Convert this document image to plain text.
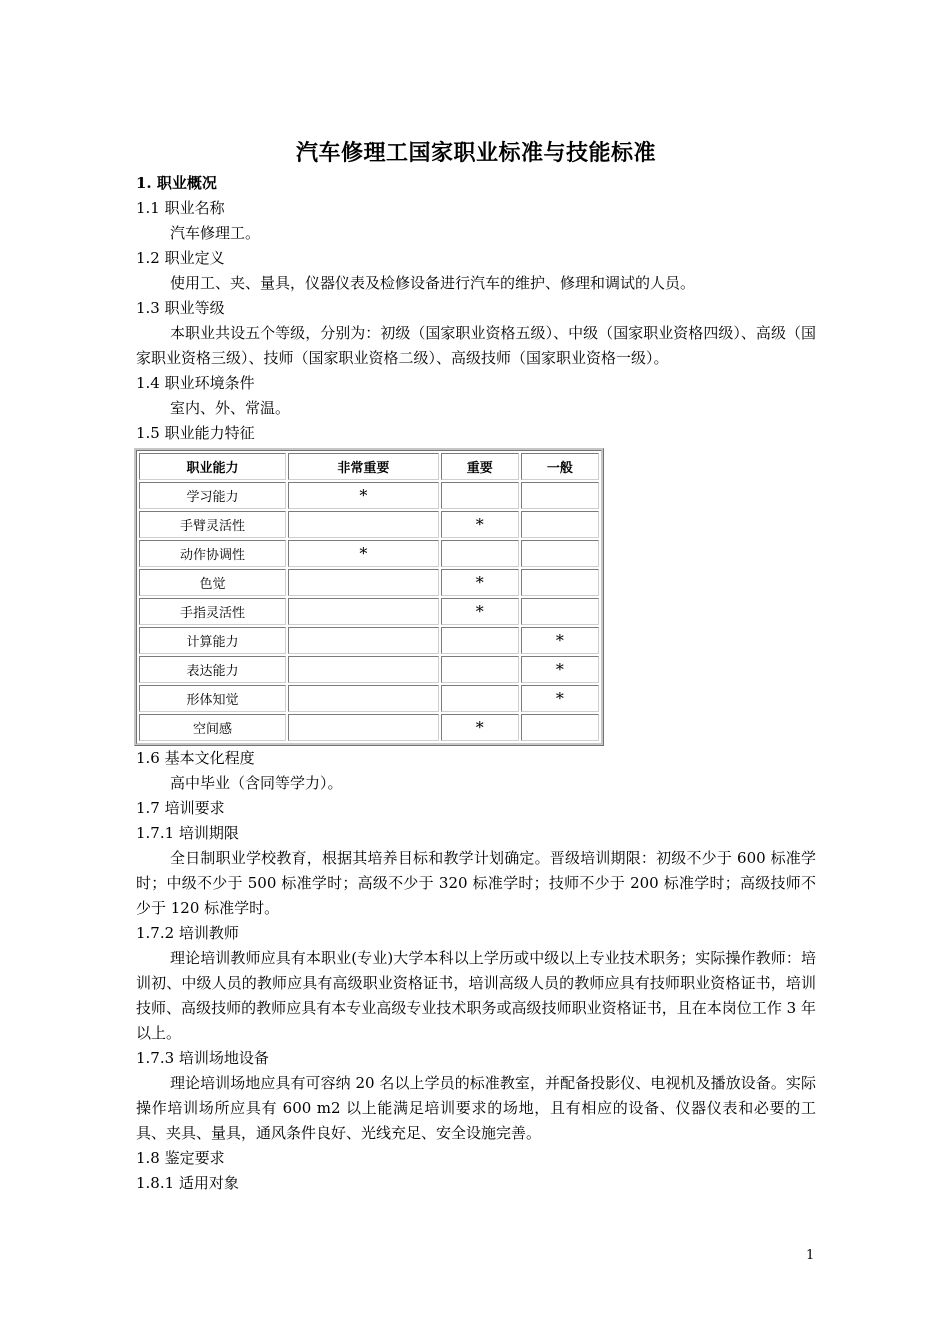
汽车修理工国家职业标准与技能标准
1. 职业概况
1.1 职业名称
汽车修理工。
1.2 职业定义
使用工、夹、量具，仪器仪表及检修设备进行汽车的维护、修理和调试的人员。
1.3 职业等级
本职业共设五个等级，分别为：初级（国家职业资格五级）、中级（国家职业资格四级）、高级（国家职业资格三级）、技师（国家职业资格二级）、高级技师（国家职业资格一级）。
1.4 职业环境条件
室内、外、常温。
1.5 职业能力特征
职业能力	非常重要	重要	一般
学习能力	*		
手臂灵活性		*	
动作协调性	*		
色觉		*	
手指灵活性		*	
计算能力			*
表达能力			*
形体知觉			*
空间感		*	
1.6 基本文化程度
高中毕业（含同等学力）。
1.7 培训要求
1.7.1 培训期限
全日制职业学校教育，根据其培养目标和教学计划确定。晋级培训期限：初级不少于 600 标准学时；中级不少于 500 标准学时；高级不少于 320 标准学时；技师不少于 200 标准学时；高级技师不少于 120 标准学时。
1.7.2 培训教师
理论培训教师应具有本职业(专业)大学本科以上学历或中级以上专业技术职务；实际操作教师：培训初、中级人员的教师应具有高级职业资格证书，培训高级人员的教师应具有技师职业资格证书，培训技师、高级技师的教师应具有本专业高级专业技术职务或高级技师职业资格证书，且在本岗位工作 3 年以上。
1.7.3 培训场地设备
理论培训场地应具有可容纳 20 名以上学员的标准教室，并配备投影仪、电视机及播放设备。实际操作培训场所应具有 600 m2 以上能满足培训要求的场地，且有相应的设备、仪器仪表和必要的工具、夹具、量具，通风条件良好、光线充足、安全设施完善。
1.8 鉴定要求
1.8.1 适用对象
1
